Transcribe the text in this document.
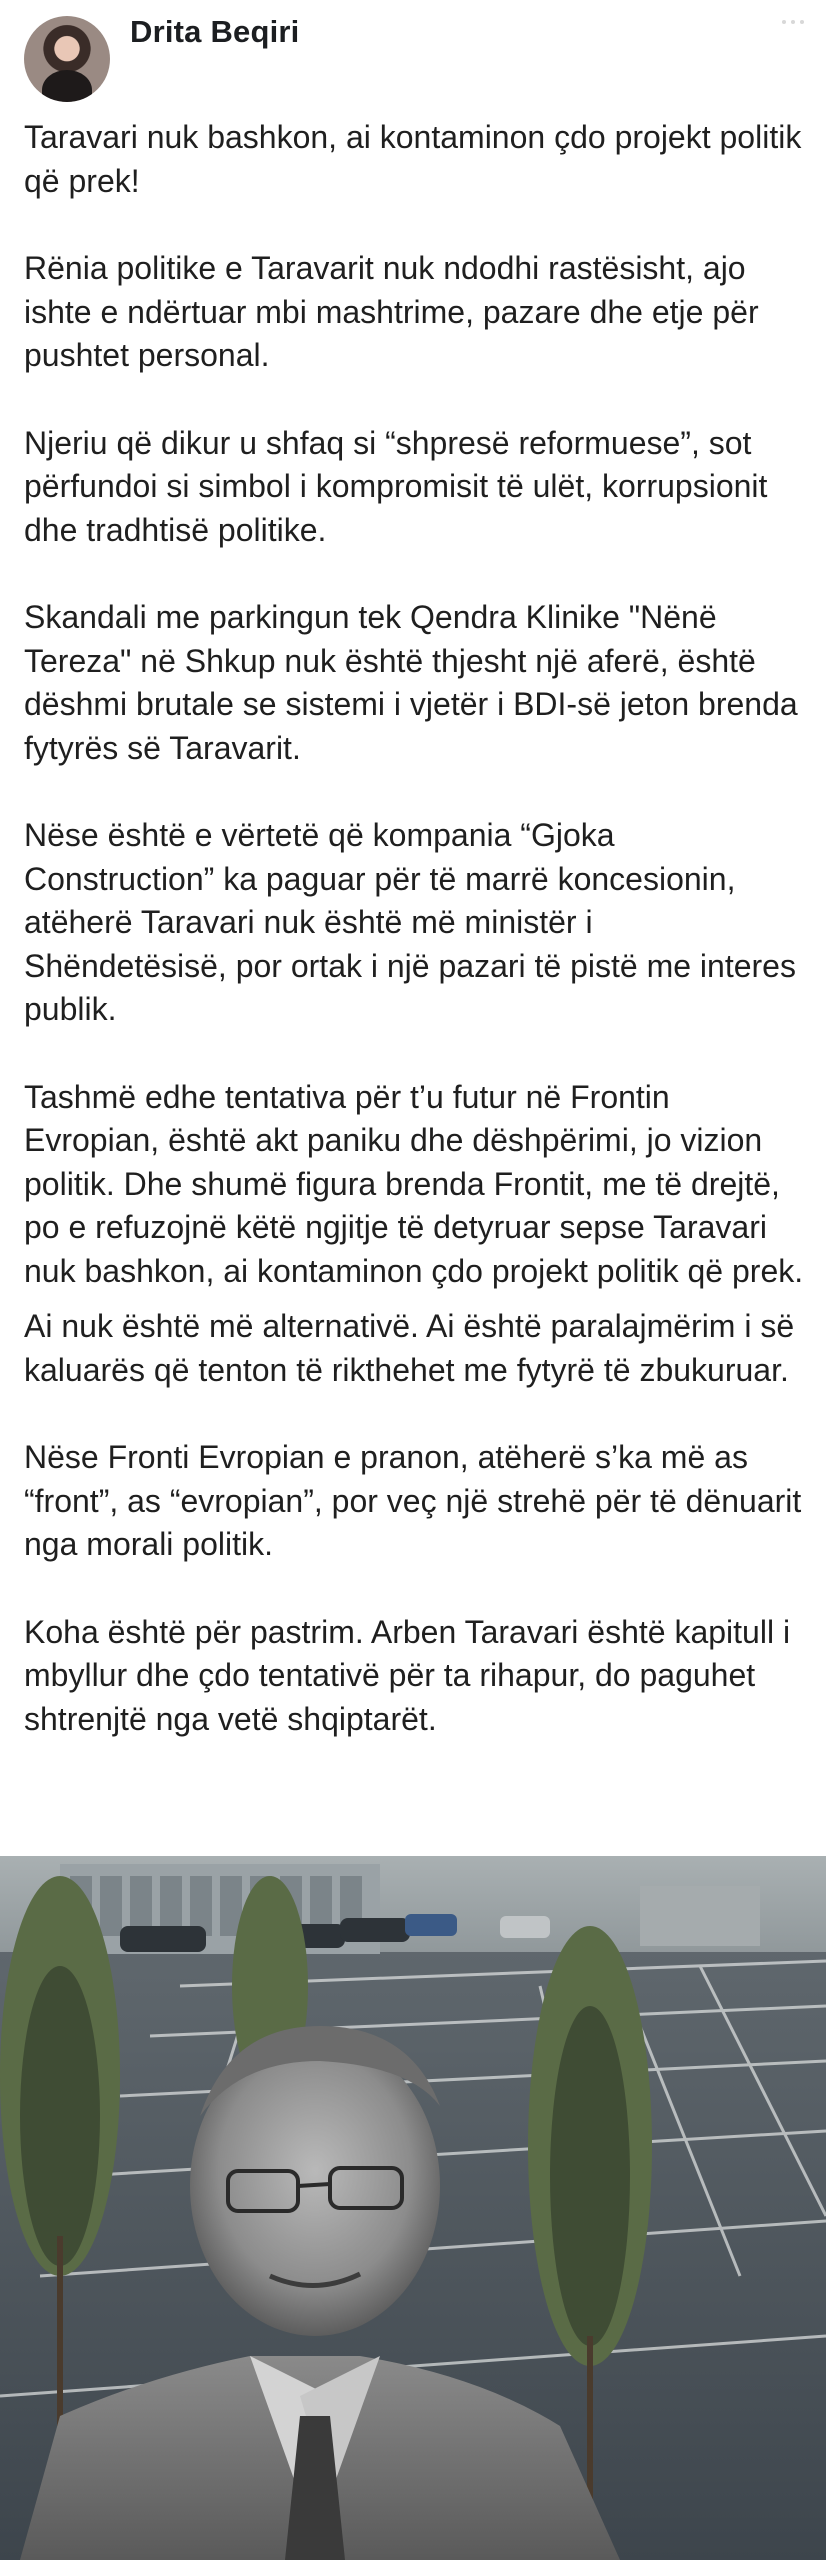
Drita Beqiri

Taravari nuk bashkon, ai kontaminon çdo projekt politik që prek!

Rënia politike e Taravarit nuk ndodhi rastësisht, ajo ishte e ndërtuar mbi mashtrime, pazare dhe etje për pushtet personal.

Njeriu që dikur u shfaq si “shpresë reformuese”, sot përfundoi si simbol i kompromisit të ulët, korrupsionit dhe tradhtisë politike.

Skandali me parkingun tek Qendra Klinike "Nënë Tereza" në Shkup nuk është thjesht një aferë, është dëshmi brutale se sistemi i vjetër i BDI-së jeton brenda fytyrës së Taravarit.

Nëse është e vërtetë që kompania “Gjoka Construction” ka paguar për të marrë koncesionin, atëherë Taravari nuk është më ministër i Shëndetësisë, por ortak i një pazari të pistë me interes publik.

Tashmë edhe tentativa për t’u futur në Frontin Evropian, është akt paniku dhe dëshpërimi, jo vizion politik. Dhe shumë figura brenda Frontit, me të drejtë, po e refuzojnë këtë ngjitje të detyruar sepse Taravari nuk bashkon, ai kontaminon çdo projekt politik që prek.

Ai nuk është më alternativë. Ai është paralajmërim i së kaluarës që tenton të rikthehet me fytyrë të zbukuruar.

Nëse Fronti Evropian e pranon, atëherë s’ka më as “front”, as “evropian”, por veç një strehë për të dënuarit nga morali politik.

Koha është për pastrim. Arben Taravari është kapitull i mbyllur dhe çdo tentativë për ta rihapur, do paguhet shtrenjtë nga vetë shqiptarët.
